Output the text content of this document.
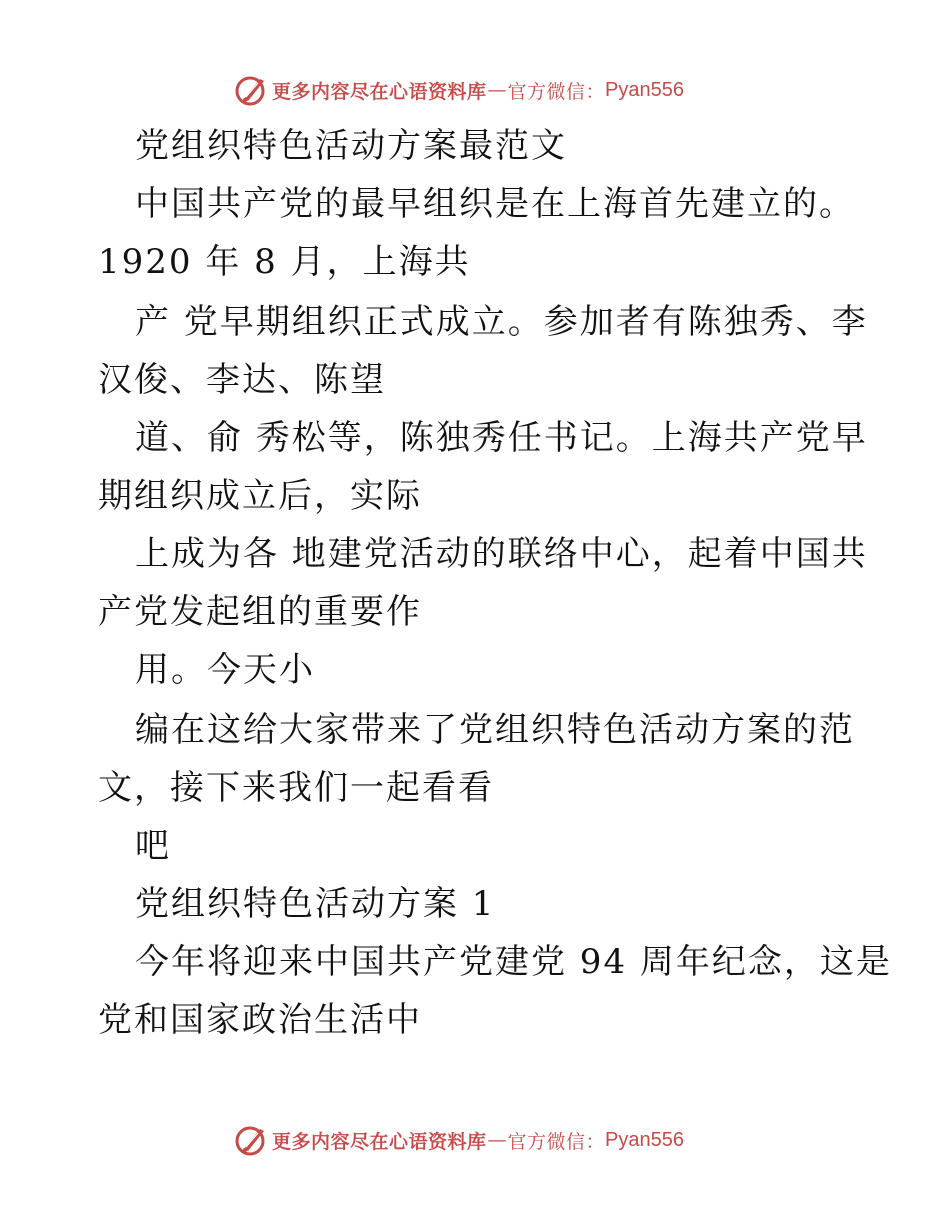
更多内容尽在心语资料库 — 官方微信： Pyan556
党组织特色活动方案最范文
中国共产党的最早组织是在上海首先建立的。
1920 年 8 月，上海共
产 党早期组织正式成立。参加者有陈独秀、李
汉俊、李达、陈望
道、俞 秀松等，陈独秀任书记。上海共产党早
期组织成立后，实际
上成为各 地建党活动的联络中心，起着中国共
产党发起组的重要作
用。今天小
编在这给大家带来了党组织特色活动方案的范
文，接下来我们一起看看
吧
党组织特色活动方案 1
今年将迎来中国共产党建党 94 周年纪念，这是
党和国家政治生活中
更多内容尽在心语资料库 — 官方微信： Pyan556
